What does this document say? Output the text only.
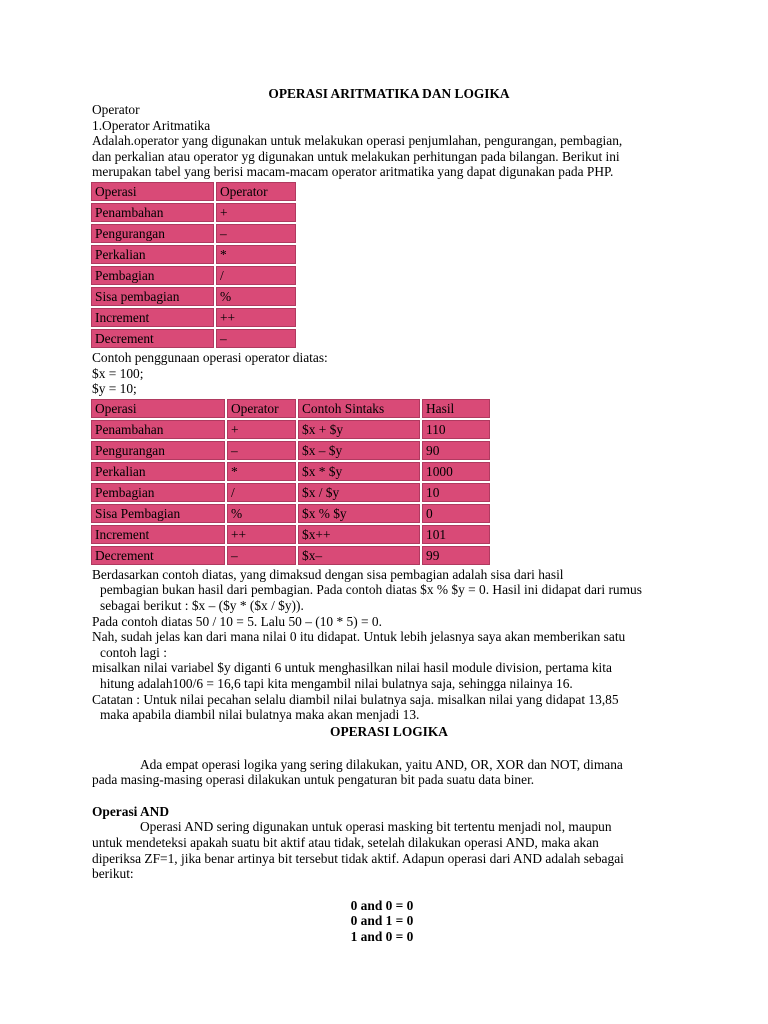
OPERASI ARITMATIKA DAN LOGIKA
Operator
1.Operator Aritmatika
Adalah.operator yang digunakan untuk melakukan operasi penjumlahan, pengurangan, pembagian,
dan perkalian atau operator yg digunakan untuk melakukan perhitungan pada bilangan. Berikut ini
merupakan tabel yang berisi macam-macam operator aritmatika yang dapat digunakan pada PHP.
Operasi	Operator
Penambahan	+
Pengurangan	–
Perkalian	*
Pembagian	/
Sisa pembagian	%
Increment	++
Decrement	–
Contoh penggunaan operasi operator diatas:
$x = 100;
$y = 10;
Operasi	Operator	Contoh Sintaks	Hasil
Penambahan	+	$x + $y	110
Pengurangan	–	$x – $y	90
Perkalian	*	$x * $y	1000
Pembagian	/	$x / $y	10
Sisa Pembagian	%	$x % $y	0
Increment	++	$x++	101
Decrement	–	$x–	99
Berdasarkan contoh diatas, yang dimaksud dengan sisa pembagian adalah sisa dari hasil
pembagian bukan hasil dari pembagian. Pada contoh diatas $x % $y = 0. Hasil ini didapat dari rumus
sebagai berikut : $x – ($y * ($x / $y)).
Pada contoh diatas 50 / 10 = 5. Lalu 50 – (10 * 5) = 0.
Nah, sudah jelas kan dari mana nilai 0 itu didapat. Untuk lebih jelasnya saya akan memberikan satu
contoh lagi :
misalkan nilai variabel $y diganti 6 untuk menghasilkan nilai hasil module division, pertama kita
hitung adalah100/6 = 16,6 tapi kita mengambil nilai bulatnya saja, sehingga nilainya 16.
Catatan : Untuk nilai pecahan selalu diambil nilai bulatnya saja. misalkan nilai yang didapat 13,85
maka apabila diambil nilai bulatnya maka akan menjadi 13.
OPERASI LOGIKA
Ada empat operasi logika yang sering dilakukan, yaitu AND, OR, XOR dan NOT, dimana
pada masing-masing operasi dilakukan untuk pengaturan bit pada suatu data biner.
Operasi AND
Operasi AND sering digunakan untuk operasi masking bit tertentu menjadi nol, maupun
untuk mendeteksi apakah suatu bit aktif atau tidak, setelah dilakukan operasi AND, maka akan
diperiksa ZF=1, jika benar artinya bit tersebut tidak aktif. Adapun operasi dari AND adalah sebagai
berikut:
0 and 0 = 0
0 and 1 = 0
1 and 0 = 0
